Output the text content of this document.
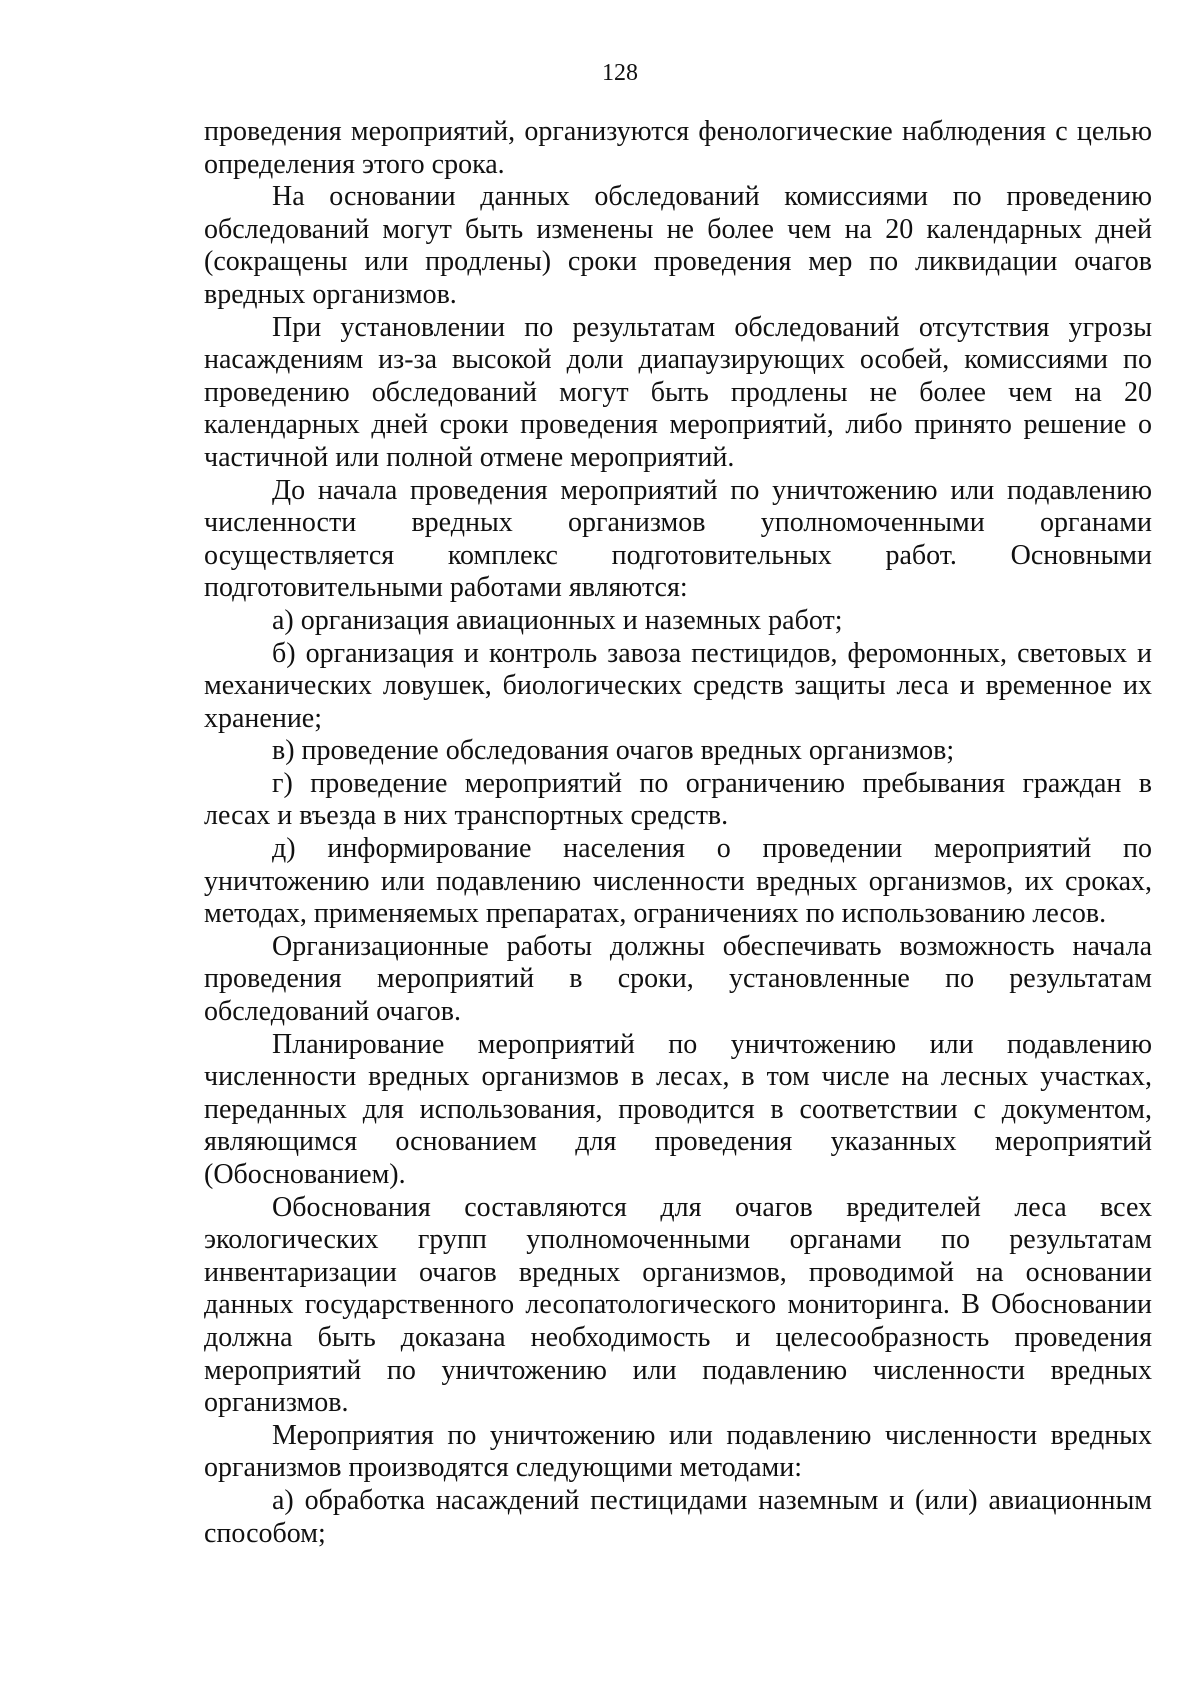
128

проведения мероприятий, организуются фенологические наблюдения с целью определения этого срока.

На основании данных обследований комиссиями по проведению обследований могут быть изменены не более чем на 20 календарных дней (сокращены или продлены) сроки проведения мер по ликвидации очагов вредных организмов.

При установлении по результатам обследований отсутствия угрозы насаждениям из-за высокой доли диапаузирующих особей, комиссиями по проведению обследований могут быть продлены не более чем на 20 календарных дней сроки проведения мероприятий, либо принято решение о частичной или полной отмене мероприятий.

До начала проведения мероприятий по уничтожению или подавлению численности вредных организмов уполномоченными органами осуществляется комплекс подготовительных работ. Основными подготовительными работами являются:

а) организация авиационных и наземных работ;

б) организация и контроль завоза пестицидов, феромонных, световых и механических ловушек, биологических средств защиты леса и временное их хранение;

в) проведение обследования очагов вредных организмов;

г) проведение мероприятий по ограничению пребывания граждан в лесах и въезда в них транспортных средств.

д) информирование населения о проведении мероприятий по уничтожению или подавлению численности вредных организмов, их сроках, методах, применяемых препаратах, ограничениях по использованию лесов.

Организационные работы должны обеспечивать возможность начала проведения мероприятий в сроки, установленные по результатам обследований очагов.

Планирование мероприятий по уничтожению или подавлению численности вредных организмов в лесах, в том числе на лесных участках, переданных для использования, проводится в соответствии с документом, являющимся основанием для проведения указанных мероприятий (Обоснованием).

Обоснования составляются для очагов вредителей леса всех экологических групп уполномоченными органами по результатам инвентаризации очагов вредных организмов, проводимой на основании данных государственного лесопатологического мониторинга. В Обосновании должна быть доказана необходимость и целесообразность проведения мероприятий по уничтожению или подавлению численности вредных организмов.

Мероприятия по уничтожению или подавлению численности вредных организмов производятся следующими методами:

а) обработка насаждений пестицидами наземным и (или) авиационным способом;
